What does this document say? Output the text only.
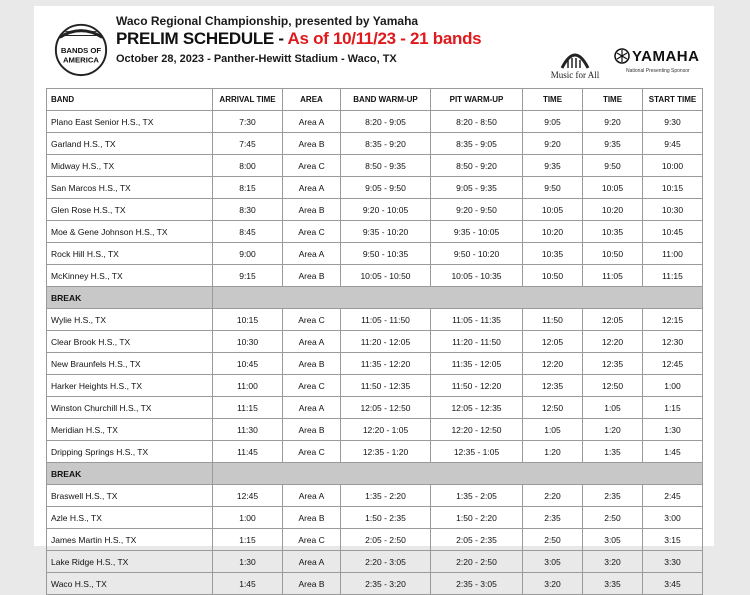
BANDS OF
AMERICA
Waco Regional Championship, presented by Yamaha
PRELIM SCHEDULE - As of 10/11/23 - 21 bands
October 28, 2023 - Panther-Hewitt Stadium - Waco, TX
Music for All
YAMAHA
National Presenting Sponsor
BAND	ARRIVAL TIME	AREA	BAND WARM-UP	PIT WARM-UP	TIME	TIME	START TIME
Plano East Senior H.S., TX	7:30	Area A	8:20 - 9:05	8:20 - 8:50	9:05	9:20	9:30
Garland H.S., TX	7:45	Area B	8:35 - 9:20	8:35 - 9:05	9:20	9:35	9:45
Midway H.S., TX	8:00	Area C	8:50 - 9:35	8:50 - 9:20	9:35	9:50	10:00
San Marcos H.S., TX	8:15	Area A	9:05 - 9:50	9:05 - 9:35	9:50	10:05	10:15
Glen Rose H.S., TX	8:30	Area B	9:20 - 10:05	9:20 - 9:50	10:05	10:20	10:30
Moe & Gene Johnson H.S., TX	8:45	Area C	9:35 - 10:20	9:35 - 10:05	10:20	10:35	10:45
Rock Hill H.S., TX	9:00	Area A	9:50 - 10:35	9:50 - 10:20	10:35	10:50	11:00
McKinney H.S., TX	9:15	Area B	10:05 - 10:50	10:05 - 10:35	10:50	11:05	11:15
BREAK							
Wylie H.S., TX	10:15	Area C	11:05 - 11:50	11:05 - 11:35	11:50	12:05	12:15
Clear Brook H.S., TX	10:30	Area A	11:20 - 12:05	11:20 - 11:50	12:05	12:20	12:30
New Braunfels H.S., TX	10:45	Area B	11:35 - 12:20	11:35 - 12:05	12:20	12:35	12:45
Harker Heights H.S., TX	11:00	Area C	11:50 - 12:35	11:50 - 12:20	12:35	12:50	1:00
Winston Churchill H.S., TX	11:15	Area A	12:05 - 12:50	12:05 - 12:35	12:50	1:05	1:15
Meridian H.S., TX	11:30	Area B	12:20 - 1:05	12:20 - 12:50	1:05	1:20	1:30
Dripping Springs H.S., TX	11:45	Area C	12:35 - 1:20	12:35 - 1:05	1:20	1:35	1:45
BREAK							
Braswell H.S., TX	12:45	Area A	1:35 - 2:20	1:35 - 2:05	2:20	2:35	2:45
Azle H.S., TX	1:00	Area B	1:50 - 2:35	1:50 - 2:20	2:35	2:50	3:00
James Martin H.S., TX	1:15	Area C	2:05 - 2:50	2:05 - 2:35	2:50	3:05	3:15
Lake Ridge H.S., TX	1:30	Area A	2:20 - 3:05	2:20 - 2:50	3:05	3:20	3:30
Waco H.S., TX	1:45	Area B	2:35 - 3:20	2:35 - 3:05	3:20	3:35	3:45
